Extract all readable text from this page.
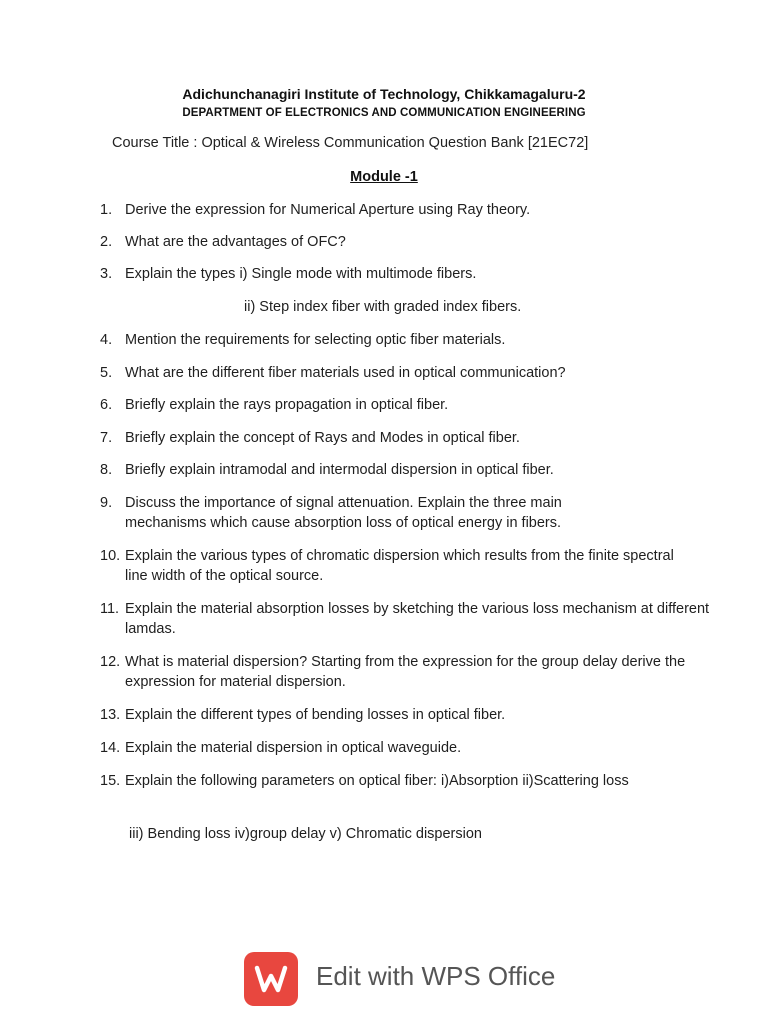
Adichunchanagiri Institute of Technology, Chikkamagaluru-2
DEPARTMENT OF ELECTRONICS AND COMMUNICATION ENGINEERING
Course Title : Optical & Wireless Communication Question Bank [21EC72]
Module -1
1. Derive the expression for Numerical Aperture using Ray theory.
2. What are the advantages of OFC?
3. Explain the types i) Single mode with multimode fibers.
ii) Step index fiber with graded index fibers.
4. Mention the requirements for selecting optic fiber materials.
5. What are the different fiber materials used in optical communication?
6. Briefly explain the rays propagation in optical fiber.
7. Briefly explain the concept of Rays and Modes in optical fiber.
8. Briefly explain intramodal and intermodal dispersion in optical fiber.
9. Discuss the importance of signal attenuation. Explain the three main mechanisms which cause absorption loss of optical energy in fibers.
10. Explain the various types of chromatic dispersion which results from the finite spectral line width of the optical source.
11. Explain the material absorption losses by sketching the various loss mechanism at different lamdas.
12. What is material dispersion? Starting from the expression for the group delay derive the expression for material dispersion.
13. Explain the different types of bending losses in optical fiber.
14. Explain the material dispersion in optical waveguide.
15. Explain the following parameters on optical fiber: i)Absorption ii)Scattering loss
iii) Bending loss iv)group delay v) Chromatic dispersion
Edit with WPS Office
